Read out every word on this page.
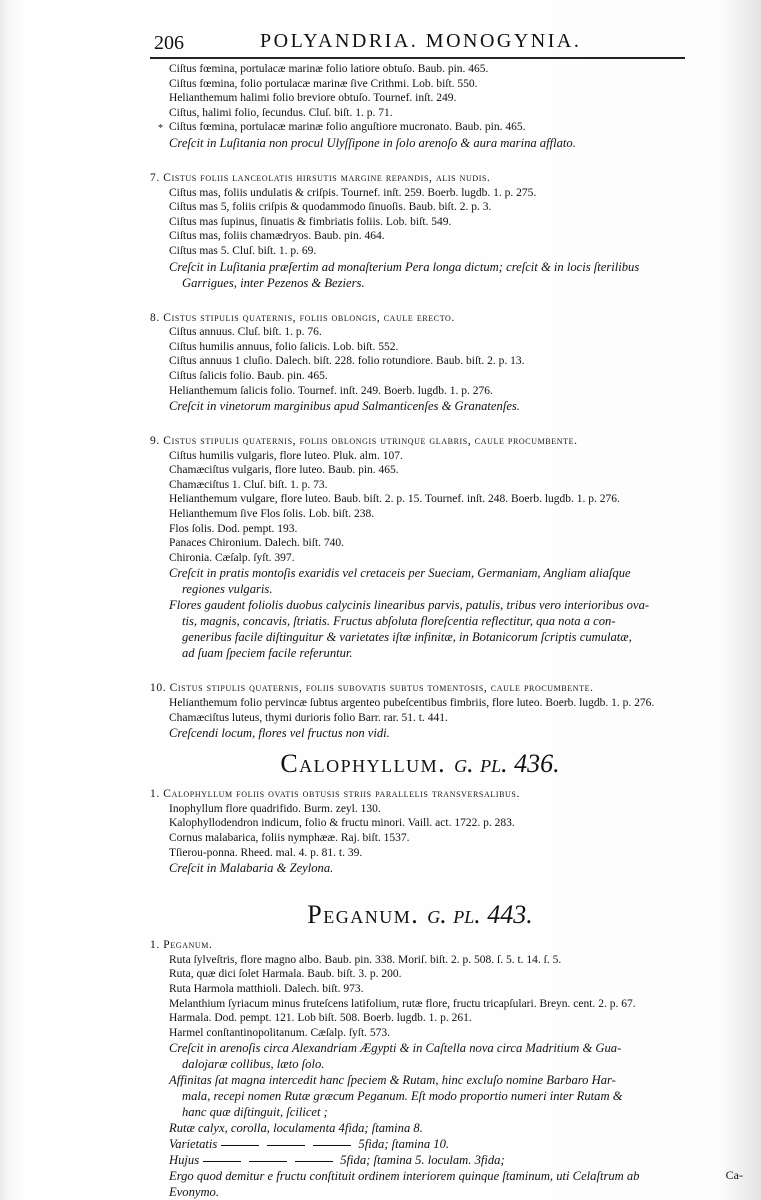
206	POLYANDRIA. MONOGYNIA.
*
Ciſtus fœmina, portulacæ marinæ folio latiore obtuſo. Baub. pin. 465.
Ciſtus fœmina, folio portulacæ marinæ ſive Crithmi. Lob. biſt. 550.
Helianthemum halimi folio breviore obtuſo. Tournef. inſt. 249.
Ciſtus, halimi folio, ſecundus. Cluſ. biſt. 1. p. 71.
Ciſtus fœmina, portulacæ marinæ folio anguſtiore mucronato. Baub. pin. 465.
Creſcit in Luſitania non procul Ulyſſipone in ſolo arenoſo & aura marina afflato.
7. Cistus foliis lanceolatis hirſutis margine repandis, alis nudis.
Ciſtus mas, foliis undulatis & criſpis. Tournef. inſt. 259. Boerb. lugdb. 1. p. 275.
Ciſtus mas 5, foliis criſpis & quodammodo ſinuoſis. Baub. biſt. 2. p. 3.
Ciſtus mas ſupinus, ſinuatis & fimbriatis foliis. Lob. biſt. 549.
Ciſtus mas, foliis chamædryos. Baub. pin. 464.
Ciſtus mas 5. Cluſ. biſt. 1. p. 69.
Creſcit in Luſitania præſertim ad monaſterium Pera longa dictum; creſcit & in locis ſterilibus
Garrigues, inter Pezenos & Beziers.
8. Cistus ſtipulis quaternis, foliis oblongis, caule erecto.
Ciſtus annuus. Cluſ. biſt. 1. p. 76.
Ciſtus humilis annuus, folio ſalicis. Lob. biſt. 552.
Ciſtus annuus 1 cluſio. Dalech. biſt. 228. folio rotundiore. Baub. biſt. 2. p. 13.
Ciſtus ſalicis folio. Baub. pin. 465.
Helianthemum ſalicis folio. Tournef. inſt. 249. Boerb. lugdb. 1. p. 276.
Creſcit in vinetorum marginibus apud Salmanticenſes & Granatenſes.
9. Cistus ſtipulis quaternis, foliis oblongis utrinque glabris, caule procumbente.
Ciſtus humilis vulgaris, flore luteo. Pluk. alm. 107.
Chamæciſtus vulgaris, flore luteo. Baub. pin. 465.
Chamæciſtus 1. Cluſ. biſt. 1. p. 73.
Helianthemum vulgare, flore luteo. Baub. biſt. 2. p. 15. Tournef. inſt. 248. Boerb. lugdb. 1. p. 276.
Helianthemum ſive Flos ſolis. Lob. biſt. 238.
Flos ſolis. Dod. pempt. 193.
Panaces Chironium. Dalech. biſt. 740.
Chironia. Cæſalp. ſyſt. 397.
Creſcit in pratis montoſis exaridis vel cretaceis per Sueciam, Germaniam, Angliam aliaſque
regiones vulgaris.
Flores gaudent foliolis duobus calycinis linearibus parvis, patulis, tribus vero interioribus ova-
tis, magnis, concavis, ſtriatis. Fructus abſoluta floreſcentia reflectitur, qua nota a con-
generibus facile diſtinguitur & varietates iſtæ infinitæ, in Botanicorum ſcriptis cumulatæ,
ad ſuam ſpeciem facile referuntur.
10. Cistus ſtipulis quaternis, foliis ſubovatis ſubtus tomentoſis, caule procumbente.
Helianthemum folio pervincæ ſubtus argenteo pubeſcentibus fimbriis, flore luteo. Boerb. lugdb. 1. p. 276.
Chamæciſtus luteus, thymi durioris folio Barr. rar. 51. t. 441.
Creſcendi locum, flores vel fructus non vidi.
Calophyllum. g. pl. 436.
1. Calophyllum foliis ovatis obtuſis ſtriis parallelis transverſalibus.
Inophyllum flore quadrifido. Burm. zeyl. 130.
Kalophyllodendron indicum, folio & fructu minori. Vaill. act. 1722. p. 283.
Cornus malabarica, foliis nymphææ. Raj. biſt. 1537.
Tſierou-ponna. Rheed. mal. 4. p. 81. t. 39.
Creſcit in Malabaria & Zeylona.
Peganum. g. pl. 443.
1. Peganum.
Ruta ſylveſtris, flore magno albo. Baub. pin. 338. Moriſ. biſt. 2. p. 508. ſ. 5. t. 14. ſ. 5.
Ruta, quæ dici ſolet Harmala. Baub. biſt. 3. p. 200.
Ruta Harmola matthioli. Dalech. biſt. 973.
Melanthium ſyriacum minus fruteſcens latifolium, rutæ flore, fructu tricapſulari. Breyn. cent. 2. p. 67.
Harmala. Dod. pempt. 121. Lob biſt. 508. Boerb. lugdb. 1. p. 261.
Harmel conſtantinopolitanum. Cæſalp. ſyſt. 573.
Creſcit in arenoſis circa Alexandriam Ægypti & in Caſtella nova circa Madritium & Gua-
dalojaræ collibus, læto ſolo.
Affinitas ſat magna intercedit hanc ſpeciem & Rutam, hinc excluſo nomine Barbaro Har-
mala, recepi nomen Rutæ græcum Peganum. Eſt modo proportio numeri inter Rutam &
hanc quæ diſtinguit, ſcilicet ;
Rutæ calyx, corolla, loculamenta 4fida; ſtamina 8.
Varietatis	5fida; ſtamina 10.
Hujus	5fida; ſtamina 5. loculam. 3fida;
Ergo quod demitur e fructu conſtituit ordinem interiorem quinque ſtaminum, uti Celaſtrum ab
Evonymo.
Ca-
